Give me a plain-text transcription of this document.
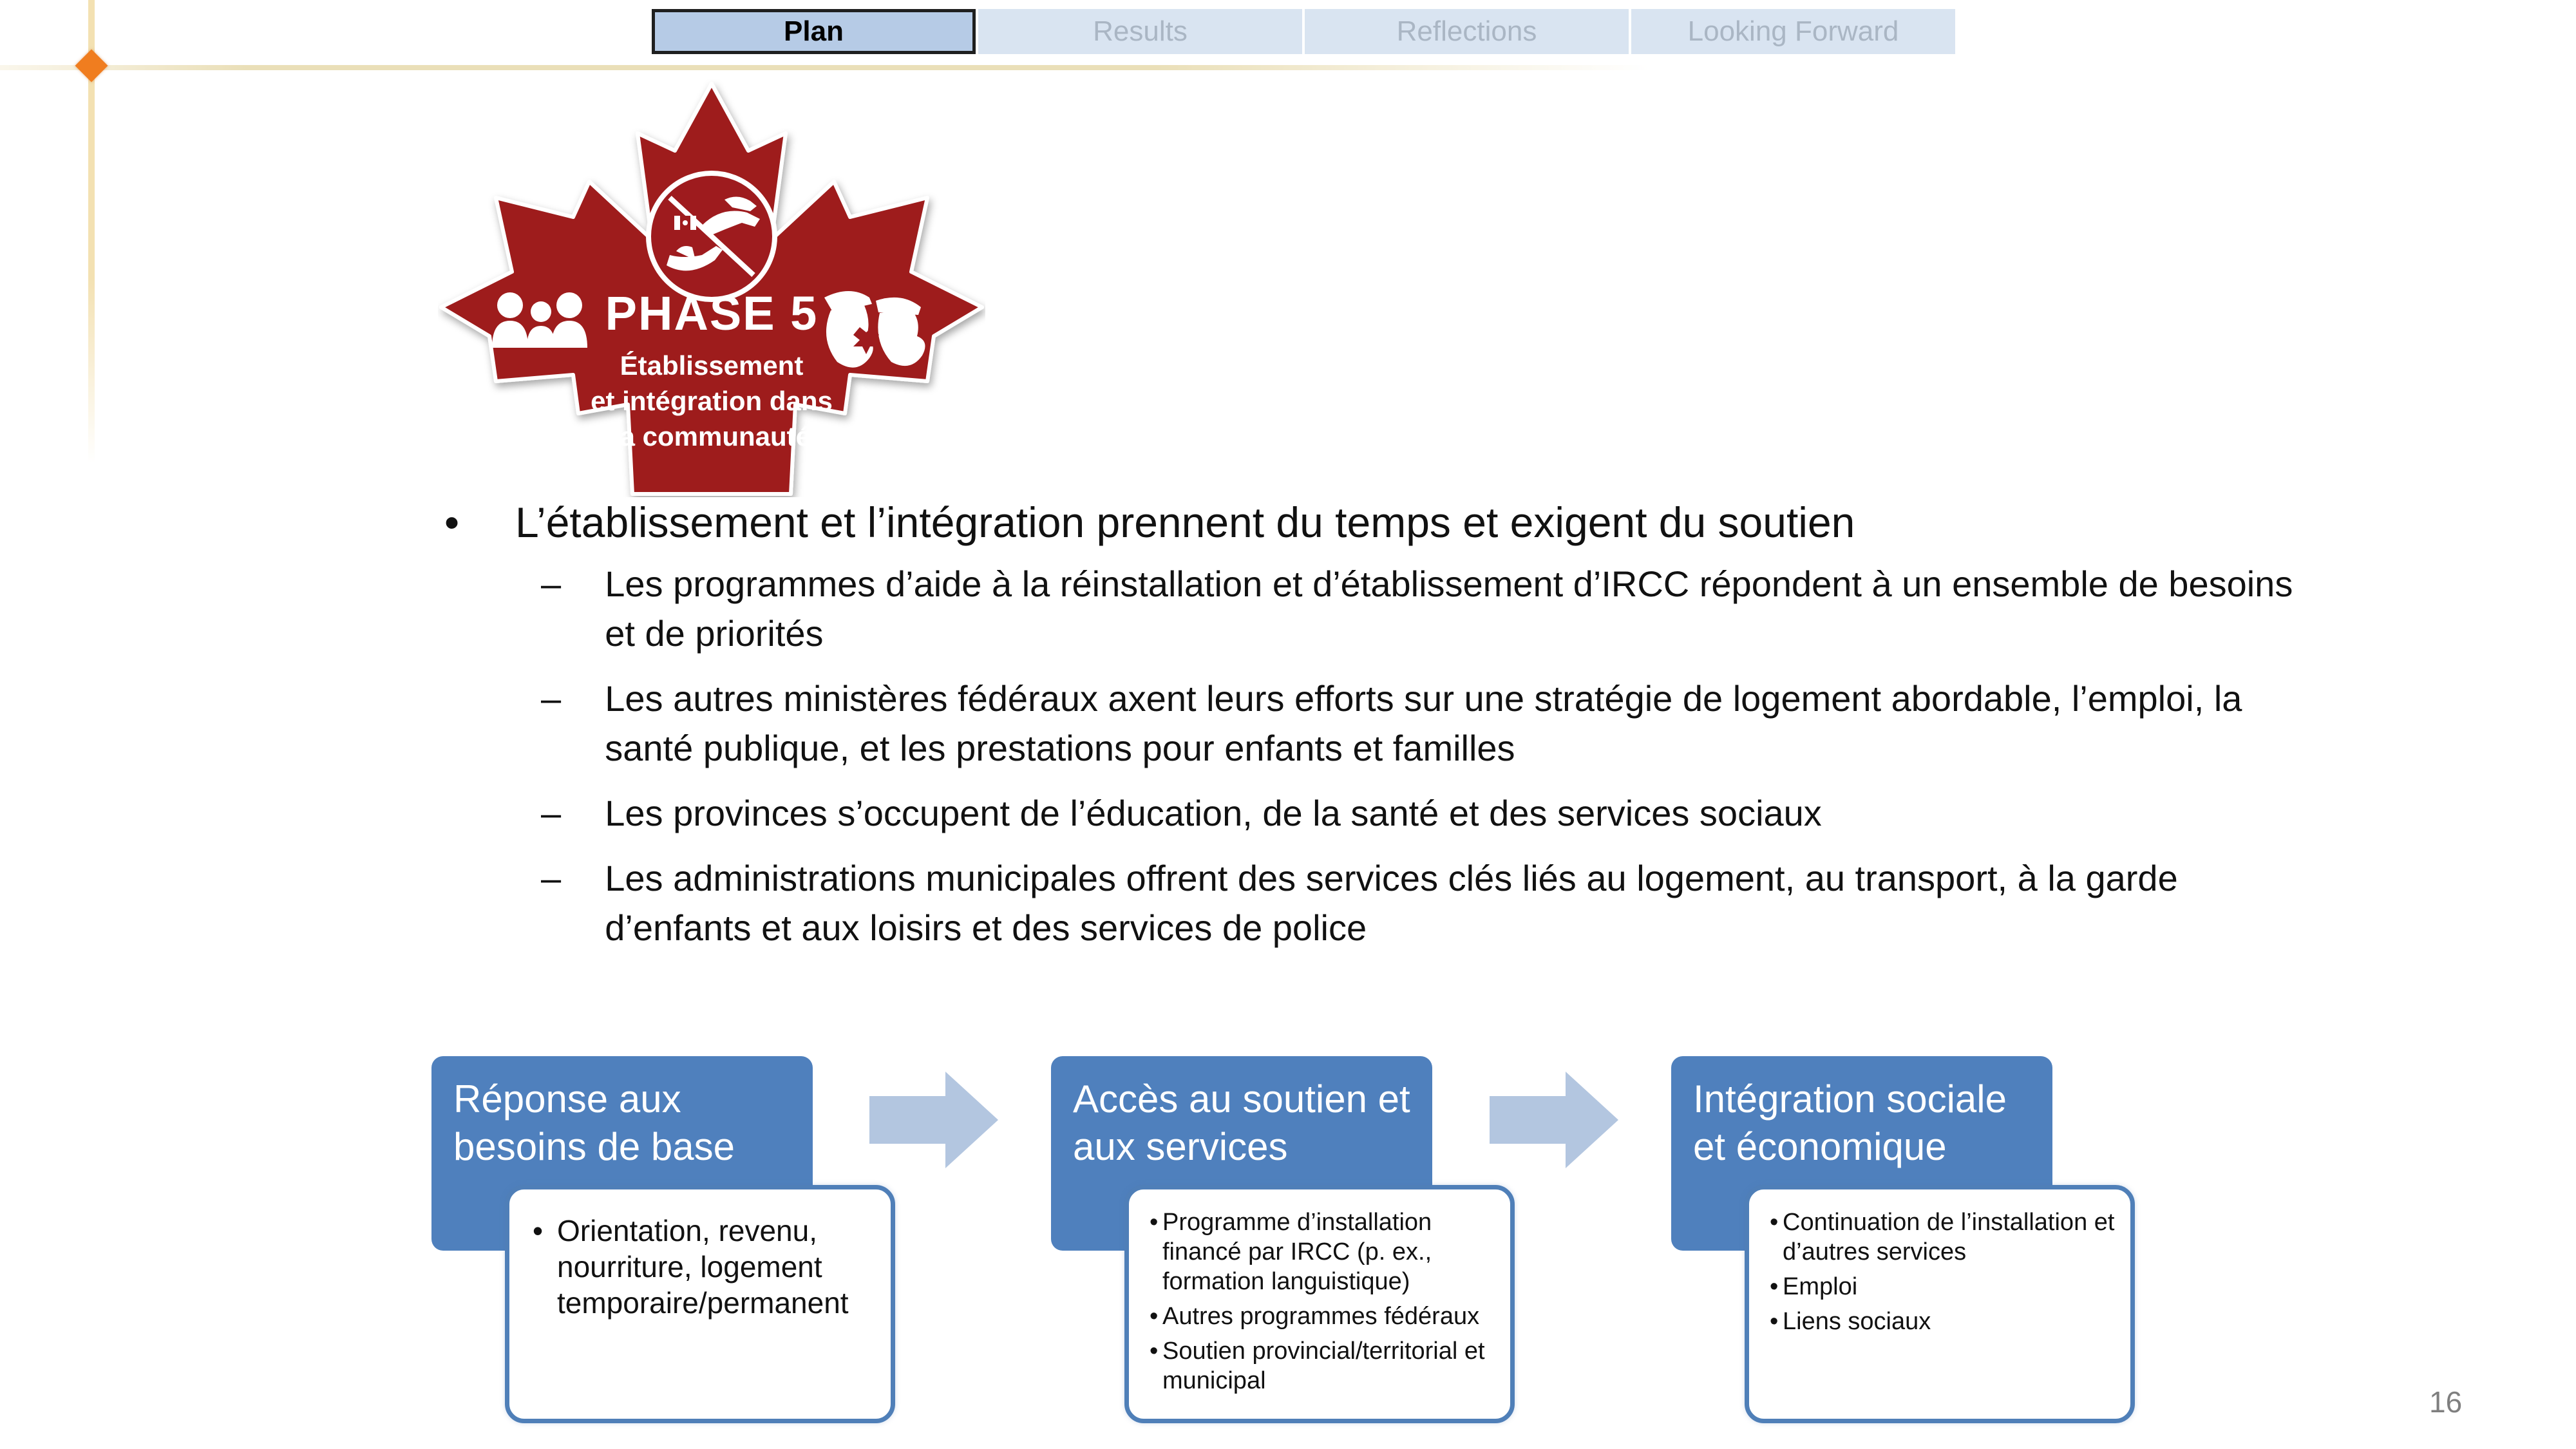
Plan	Results	Reflections	Looking Forward
PHASE 5
Établissement
et intégration dans
la communauté
•	L’établissement et l’intégration prennent du temps et exigent du soutien
–	Les programmes d’aide à la réinstallation et d’établissement d’IRCC répondent à un ensemble de besoins et de priorités
–	Les autres ministères fédéraux axent leurs efforts sur une stratégie de logement abordable, l’emploi, la santé publique, et les prestations pour enfants et familles
–	Les provinces s’occupent de l’éducation, de la santé et des services sociaux
–	Les administrations municipales offrent des services clés liés au logement, au transport, à la garde d’enfants et aux loisirs et des services de police
Réponse aux besoins de base
• Orientation, revenu, nourriture, logement temporaire/permanent
Accès au soutien et aux services
• Programme d’installation financé par IRCC (p. ex., formation languistique)
• Autres programmes fédéraux
• Soutien provincial/territorial et municipal
Intégration sociale et économique
• Continuation de l’installation et d’autres services
• Emploi
• Liens sociaux
16
